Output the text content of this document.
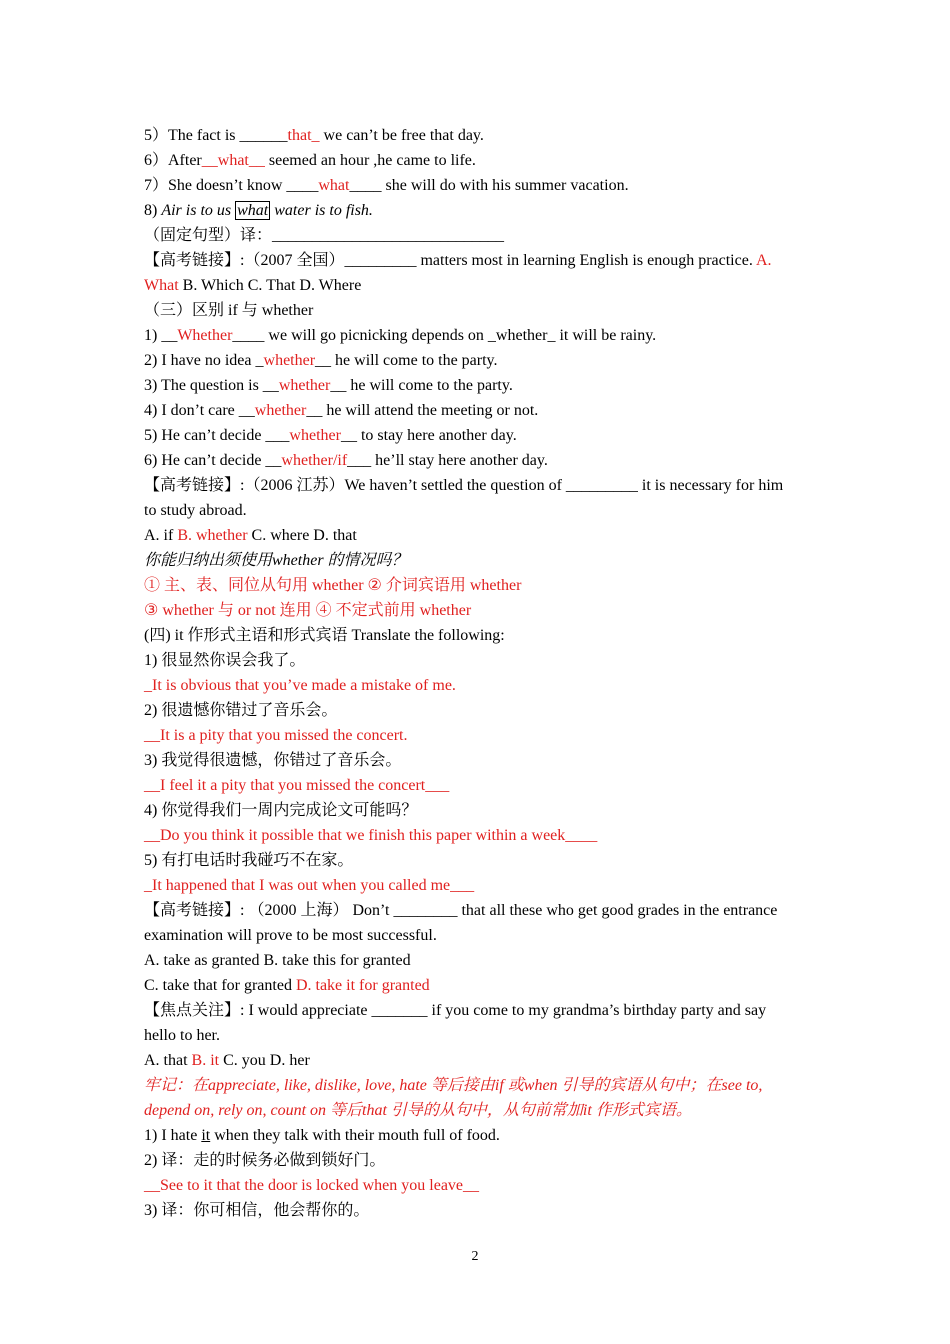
5）The fact is ______that_ we can’t be free that day.
6）After__what__ seemed an hour ,he came to life.
7）She doesn’t know ____what____ she will do with his summer vacation.
8) Air is to us what water is to fish.
（固定句型）译：_____________________________
【高考链接】:（2007 全国）_________ matters most in learning English is enough practice. A.
What B. Which C. That D. Where
（三）区别 if 与 whether
1) __Whether____ we will go picnicking depends on _whether_ it will be rainy.
2) I have no idea _whether__ he will come to the party.
3) The question is __whether__ he will come to the party.
4) I don’t care __whether__ he will attend the meeting or not.
5) He can’t decide ___whether__ to stay here another day.
6) He can’t decide __whether/if___ he’ll stay here another day.
【高考链接】:（2006 江苏）We haven’t settled the question of _________ it is necessary for him
to study abroad.
A. if B. whether C. where D. that
你能归纳出须使用whether 的情况吗？
① 主、表、同位从句用 whether ② 介词宾语用 whether
③ whether 与 or not 连用 ④ 不定式前用 whether
(四) it 作形式主语和形式宾语 Translate the following:
1) 很显然你误会我了。
_It is obvious that you’ve made a mistake of me.
2) 很遗憾你错过了音乐会。
__It is a pity that you missed the concert.
3) 我觉得很遗憾，你错过了音乐会。
__I feel it a pity that you missed the concert___
4) 你觉得我们一周内完成论文可能吗？
__Do you think it possible that we finish this paper within a week____
5) 有打电话时我碰巧不在家。
_It happened that I was out when you called me___
【高考链接】: （2000 上海） Don’t ________ that all these who get good grades in the entrance
examination will prove to be most successful.
A. take as granted B. take this for granted
C. take that for granted D. take it for granted
【焦点关注】: I would appreciate _______ if you come to my grandma’s birthday party and say
hello to her.
A. that B. it C. you D. her
牢记：在appreciate, like, dislike, love, hate 等后接由if 或when 引导的宾语从句中；在see to,
depend on, rely on, count on 等后that 引导的从句中，从句前常加it 作形式宾语。
1) I hate it when they talk with their mouth full of food.
2) 译：走的时候务必做到锁好门。
__See to it that the door is locked when you leave__
3) 译：你可相信，他会帮你的。
2
